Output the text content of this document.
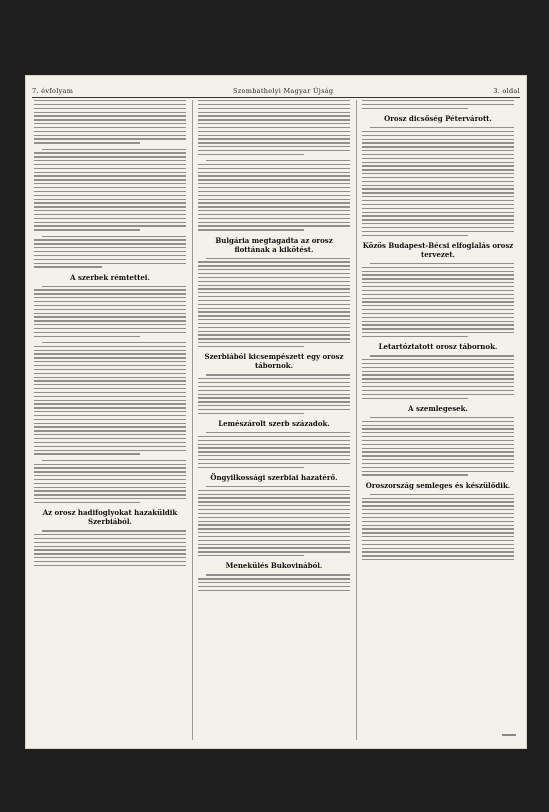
7. évfolyam	Szombathelyi Magyar Újság	3. oldal
A szerbek rémtettei.
Az orosz hadifoglyokat hazaküldik Szerbiából.
Bulgária megtagadta az orosz flottának a kikötést.
Szerbiából kicsempészett egy orosz tábornok.
Lemészárolt szerb századok.
Öngyilkossági szerbiai hazatérő.
Menekülés Bukovinából.
Orosz dicsőség Pétervárott.
Közös Budapest-Bécsi elfoglalás orosz tervezet.
Letartóztatott orosz tábornok.
A szemlegesek.
Oroszország semleges és készülődik.
